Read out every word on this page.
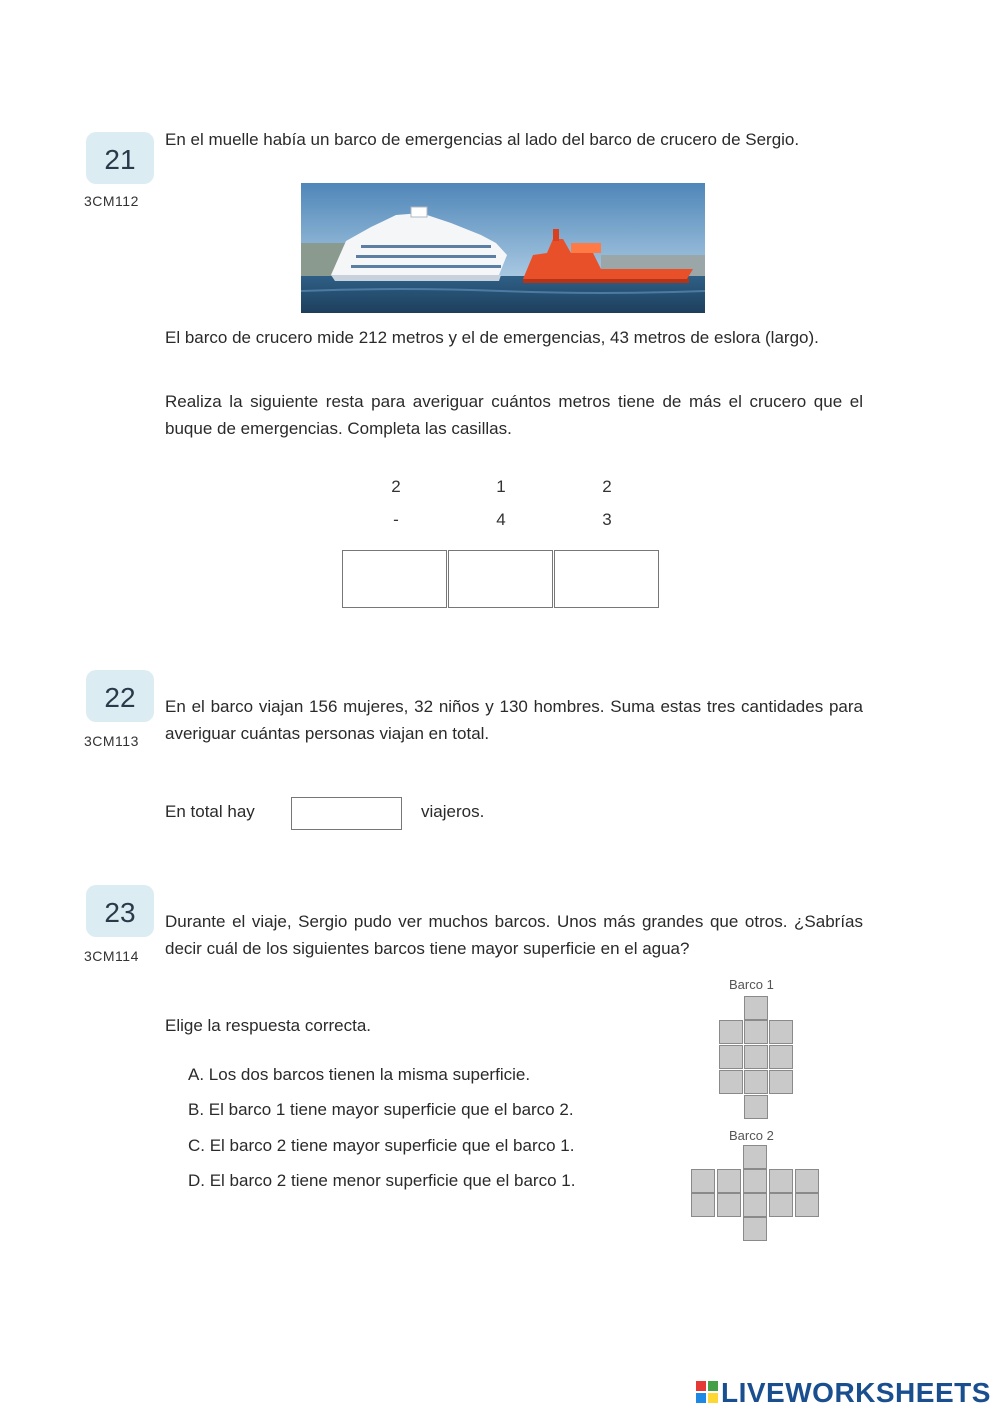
21
3CM112
En el muelle había un barco de emergencias al lado del barco de crucero de Sergio.
El barco de crucero mide 212 metros y el de emergencias, 43 metros de eslora (largo).
Realiza la siguiente resta para averiguar cuántos metros tiene de más el crucero que el buque de emergencias. Completa las casillas.
2	1	2
-	4	3
22
3CM113
En el barco viajan 156 mujeres, 32 niños y 130 hombres. Suma estas tres cantidades para averiguar cuántas personas viajan en total.
En total hay	viajeros.
23
3CM114
Durante el viaje, Sergio pudo ver muchos barcos. Unos más grandes que otros. ¿Sabrías decir cuál de los siguientes barcos tiene mayor superficie en el agua?
Elige la respuesta correcta.
A. Los dos barcos tienen la misma superficie.
B. El barco 1 tiene mayor superficie que el barco 2.
C. El barco 2 tiene mayor superficie que el barco 1.
D. El barco 2 tiene menor superficie que el barco 1.
Barco 1
Barco 2
LIVEWORKSHEETS
